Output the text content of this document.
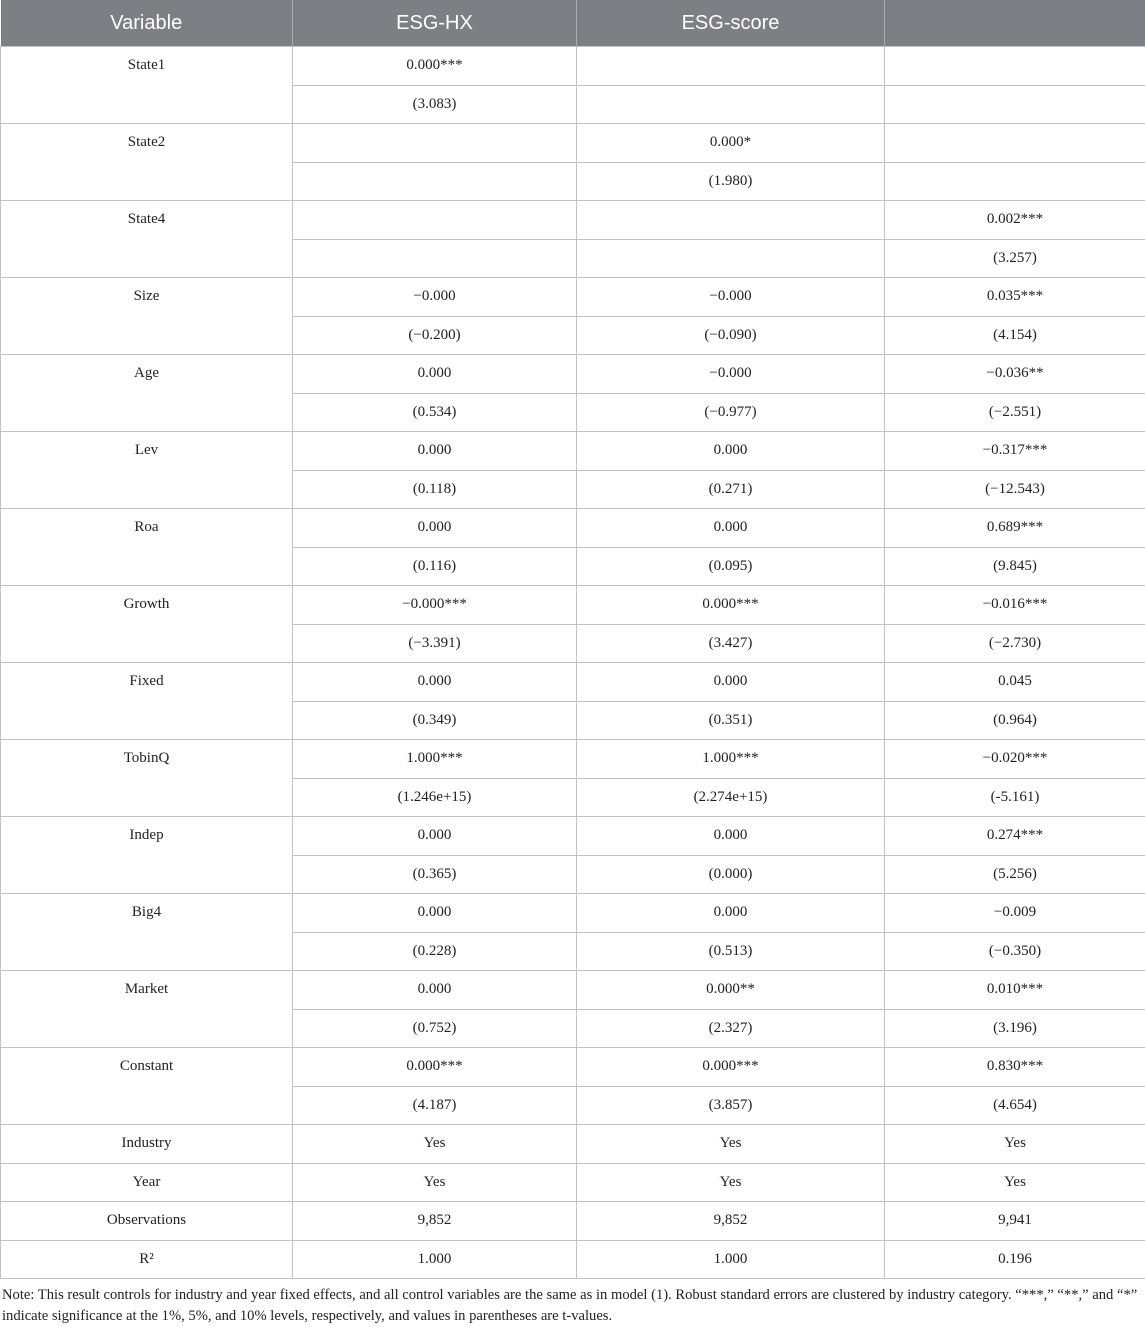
Variable	ESG-HX	ESG-score	
State1	0.000***		
	(3.083)		
State2		0.000*	
		(1.980)	
State4			0.002***
			(3.257)
Size	−0.000	−0.000	0.035***
	(−0.200)	(−0.090)	(4.154)
Age	0.000	−0.000	−0.036**
	(0.534)	(−0.977)	(−2.551)
Lev	0.000	0.000	−0.317***
	(0.118)	(0.271)	(−12.543)
Roa	0.000	0.000	0.689***
	(0.116)	(0.095)	(9.845)
Growth	−0.000***	0.000***	−0.016***
	(−3.391)	(3.427)	(−2.730)
Fixed	0.000	0.000	0.045
	(0.349)	(0.351)	(0.964)
TobinQ	1.000***	1.000***	−0.020***
	(1.246e+15)	(2.274e+15)	(-5.161)
Indep	0.000	0.000	0.274***
	(0.365)	(0.000)	(5.256)
Big4	0.000	0.000	−0.009
	(0.228)	(0.513)	(−0.350)
Market	0.000	0.000**	0.010***
	(0.752)	(2.327)	(3.196)
Constant	0.000***	0.000***	0.830***
	(4.187)	(3.857)	(4.654)
Industry	Yes	Yes	Yes
Year	Yes	Yes	Yes
Observations	9,852	9,852	9,941
R²	1.000	1.000	0.196

Note: This result controls for industry and year fixed effects, and all control variables are the same as in model (1). Robust standard errors are clustered by industry category. “***,” “**,” and “*” indicate significance at the 1%, 5%, and 10% levels, respectively, and values in parentheses are t-values.
